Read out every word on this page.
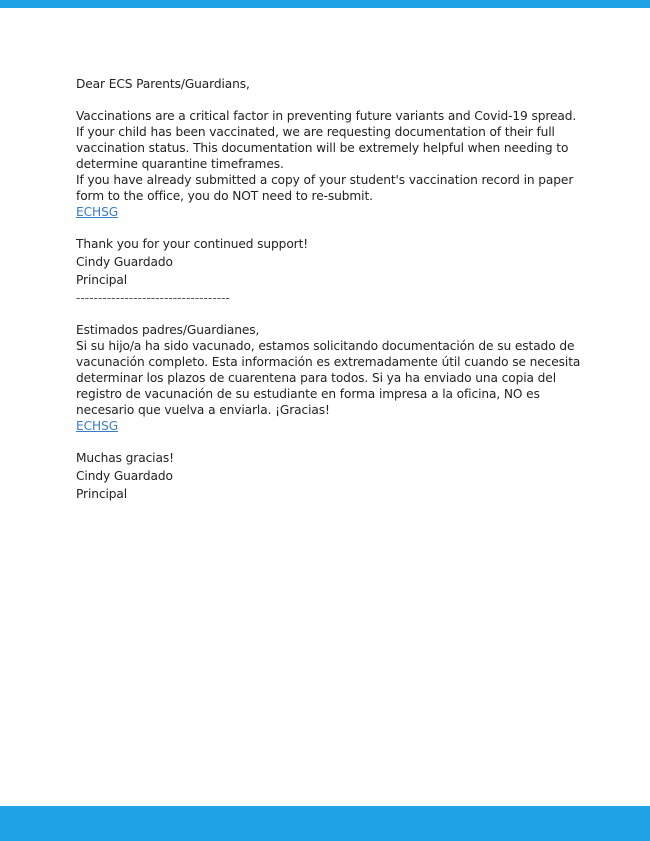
Dear ECS Parents/Guardians,
Vaccinations are a critical factor in preventing future variants and Covid-19 spread.
If your child has been vaccinated, we are requesting documentation of their full
vaccination status. This documentation will be extremely helpful when needing to
determine quarantine timeframes.
If you have already submitted a copy of your student's vaccination record in paper
form to the office, you do NOT need to re-submit.
ECHSG
Thank you for your continued support!
Cindy Guardado
Principal
-----------------------------------
Estimados padres/Guardianes,
Si su hijo/a ha sido vacunado, estamos solicitando documentación de su estado de
vacunación completo. Esta información es extremadamente útil cuando se necesita
determinar los plazos de cuarentena para todos. Si ya ha enviado una copia del
registro de vacunación de su estudiante en forma impresa a la oficina, NO es
necesario que vuelva a enviarla. ¡Gracias!
ECHSG
Muchas gracias!
Cindy Guardado
Principal
